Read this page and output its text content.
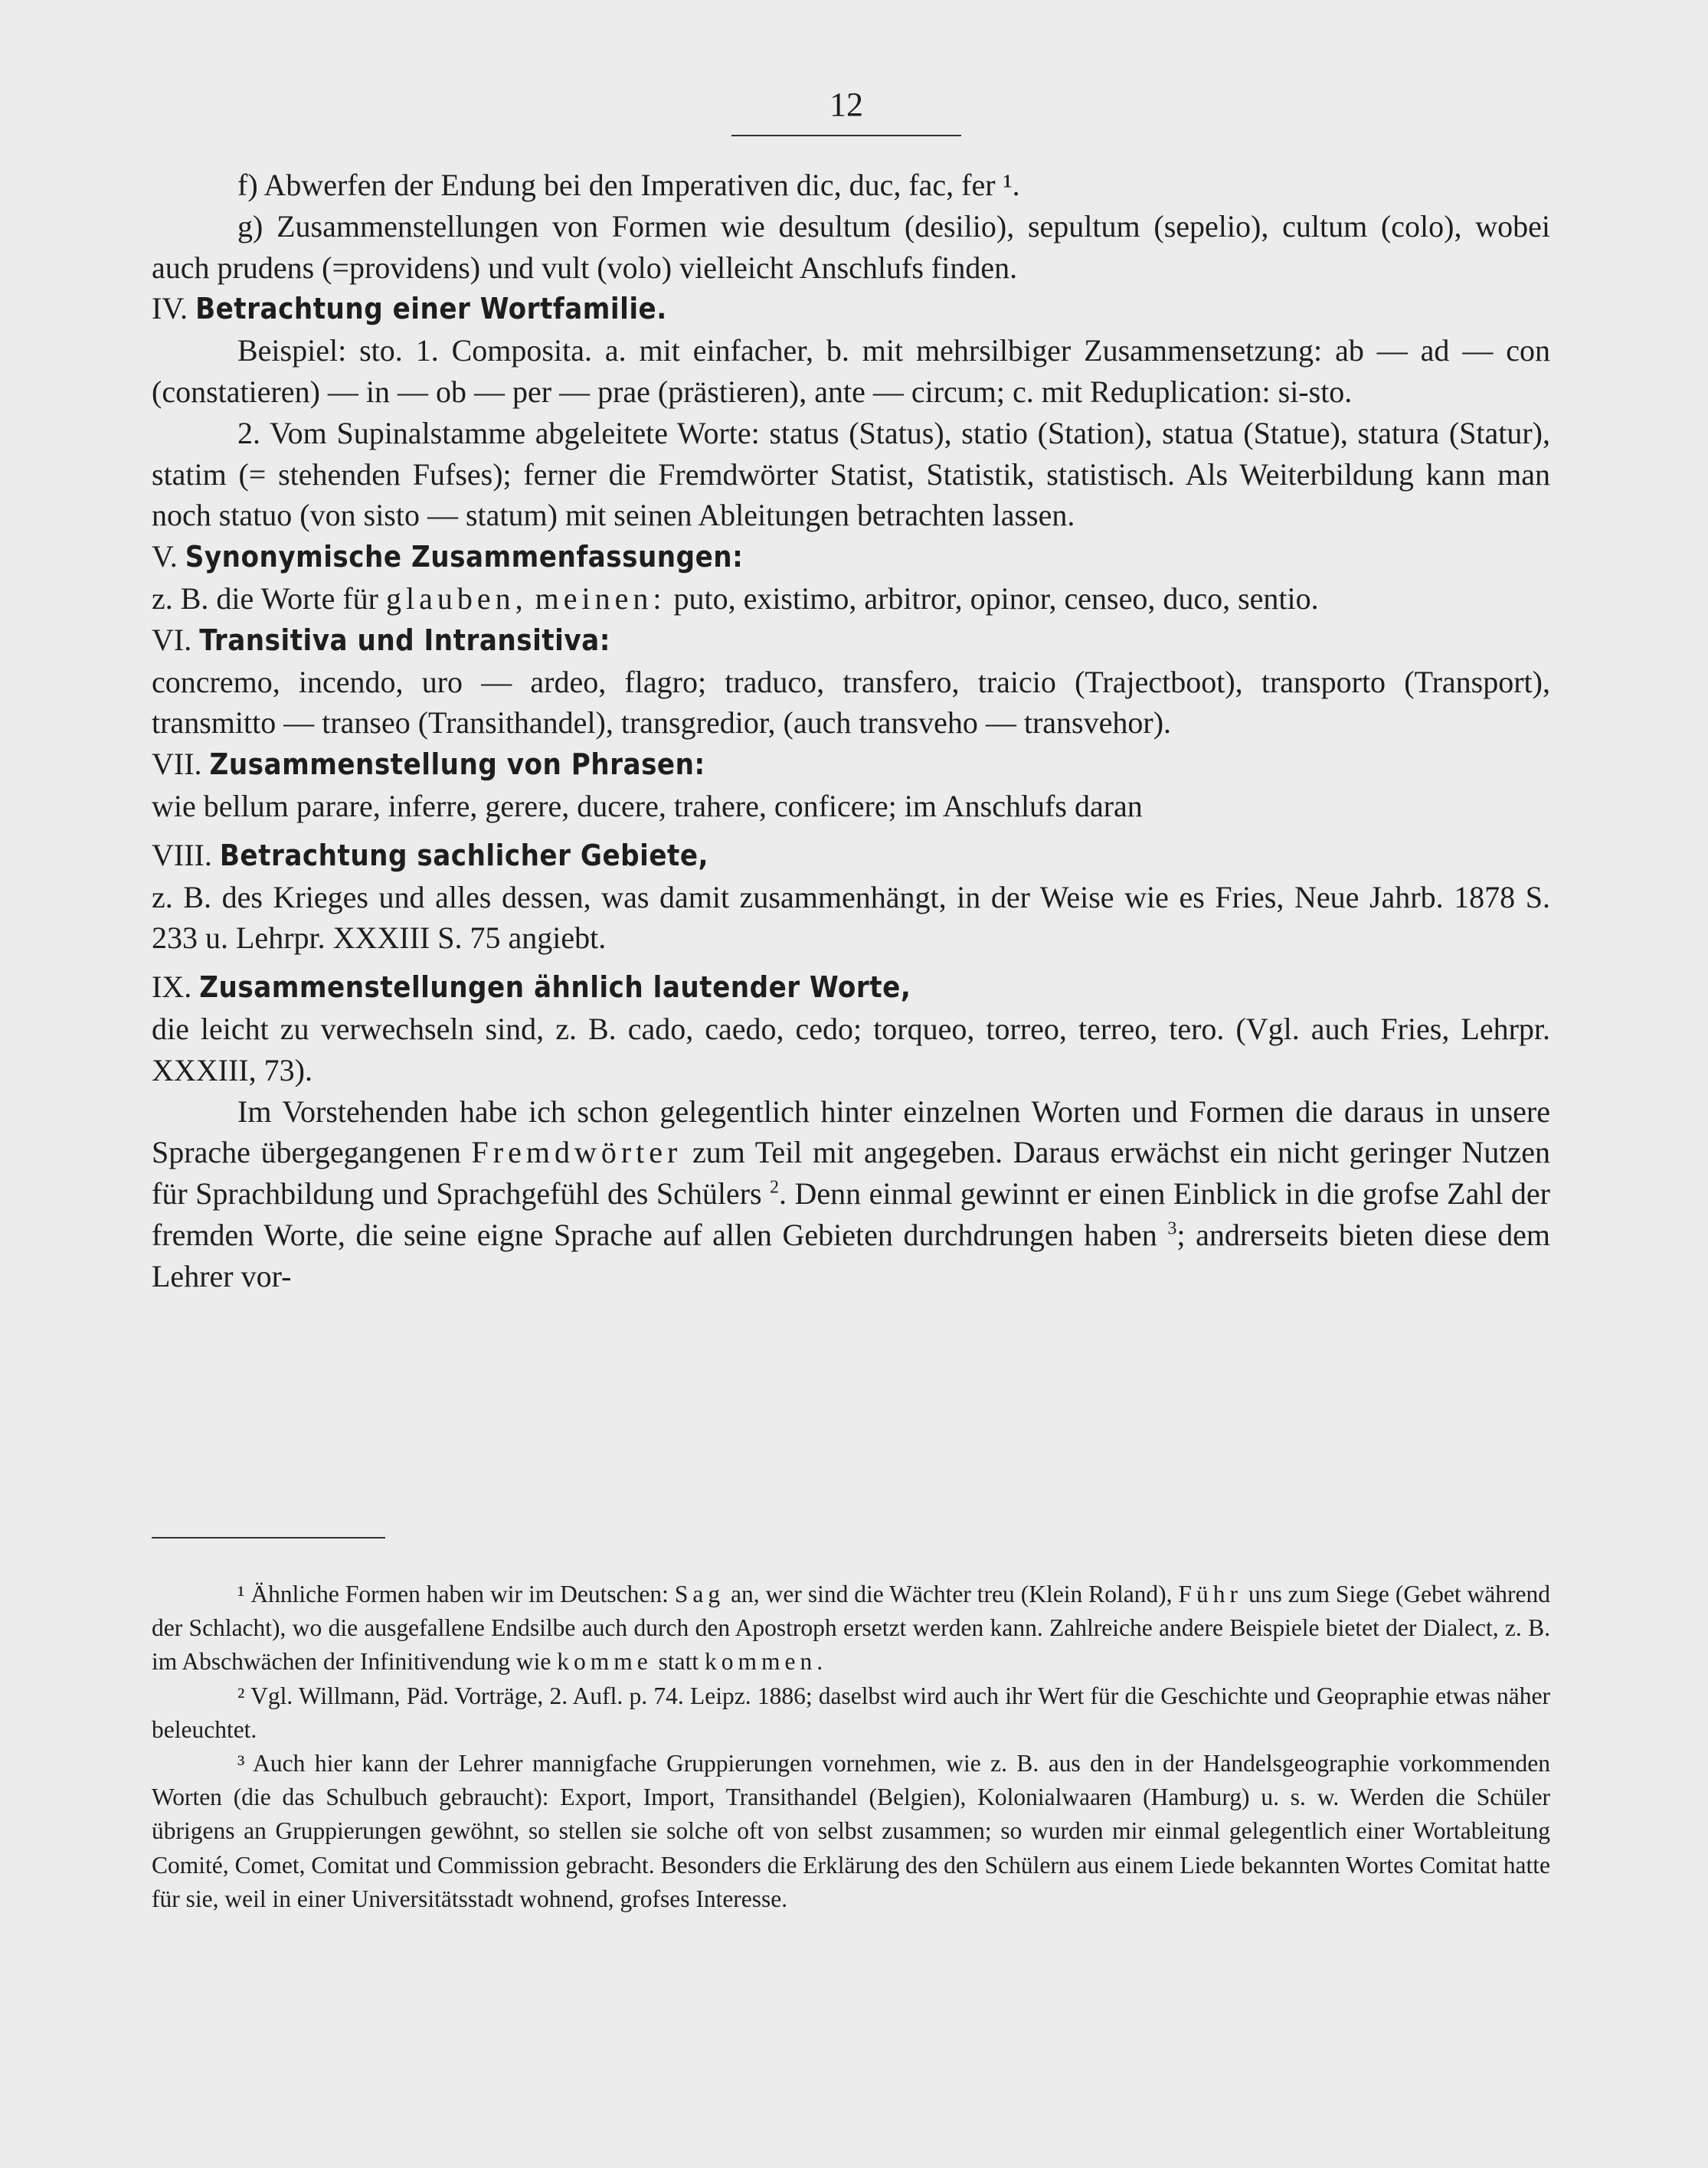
12

f) Abwerfen der Endung bei den Imperativen dic, duc, fac, fer ¹.

g) Zusammenstellungen von Formen wie desultum (desilio), sepultum (sepelio), cultum (colo), wobei auch prudens (=providens) und vult (volo) vielleicht Anschlufs finden.

IV. Betrachtung einer Wortfamilie.

Beispiel: sto. 1. Composita. a. mit einfacher, b. mit mehrsilbiger Zusammensetzung: ab — ad — con (constatieren) — in — ob — per — prae (prästieren), ante — circum; c. mit Reduplication: si-sto.

2. Vom Supinalstamme abgeleitete Worte: status (Status), statio (Station), statua (Statue), statura (Statur), statim (= stehenden Fufses); ferner die Fremdwörter Statist, Statistik, statistisch. Als Weiterbildung kann man noch statuo (von sisto — statum) mit seinen Ableitungen betrachten lassen.

V. Synonymische Zusammenfassungen:

z. B. die Worte für glauben, meinen: puto, existimo, arbitror, opinor, censeo, duco, sentio.

VI. Transitiva und Intransitiva:

concremo, incendo, uro — ardeo, flagro; traduco, transfero, traicio (Trajectboot), transporto (Transport), transmitto — transeo (Transithandel), transgredior, (auch transveho — transvehor).

VII. Zusammenstellung von Phrasen:

wie bellum parare, inferre, gerere, ducere, trahere, conficere; im Anschlufs daran

VIII. Betrachtung sachlicher Gebiete,

z. B. des Krieges und alles dessen, was damit zusammenhängt, in der Weise wie es Fries, Neue Jahrb. 1878 S. 233 u. Lehrpr. XXXIII S. 75 angiebt.

IX. Zusammenstellungen ähnlich lautender Worte,

die leicht zu verwechseln sind, z. B. cado, caedo, cedo; torqueo, torreo, terreo, tero. (Vgl. auch Fries, Lehrpr. XXXIII, 73).

Im Vorstehenden habe ich schon gelegentlich hinter einzelnen Worten und Formen die daraus in unsere Sprache übergegangenen Fremdwörter zum Teil mit angegeben. Daraus erwächst ein nicht geringer Nutzen für Sprachbildung und Sprachgefühl des Schülers $^2$. Denn einmal gewinnt er einen Einblick in die grofse Zahl der fremden Worte, die seine eigne Sprache auf allen Gebieten durchdrungen haben $^3$; andrerseits bieten diese dem Lehrer vor-

¹ Ähnliche Formen haben wir im Deutschen: Sag an, wer sind die Wächter treu (Klein Roland), Führ uns zum Siege (Gebet während der Schlacht), wo die ausgefallene Endsilbe auch durch den Apostroph ersetzt werden kann. Zahlreiche andere Beispiele bietet der Dialect, z. B. im Abschwächen der Infinitivendung wie komme statt kommen.

² Vgl. Willmann, Päd. Vorträge, 2. Aufl. p. 74. Leipz. 1886; daselbst wird auch ihr Wert für die Geschichte und Geopraphie etwas näher beleuchtet.

³ Auch hier kann der Lehrer mannigfache Gruppierungen vornehmen, wie z. B. aus den in der Handelsgeographie vorkommenden Worten (die das Schulbuch gebraucht): Export, Import, Transithandel (Belgien), Kolonialwaaren (Hamburg) u. s. w. Werden die Schüler übrigens an Gruppierungen gewöhnt, so stellen sie solche oft von selbst zusammen; so wurden mir einmal gelegentlich einer Wortableitung Comité, Comet, Comitat und Commission gebracht. Besonders die Erklärung des den Schülern aus einem Liede bekannten Wortes Comitat hatte für sie, weil in einer Universitätsstadt wohnend, grofses Interesse.
